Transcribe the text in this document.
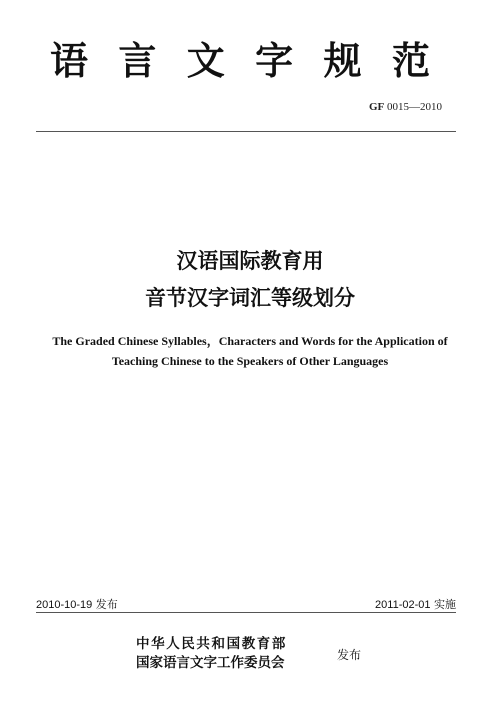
语 言 文 字 规 范
GF 0015—2010
汉语国际教育用
音节汉字词汇等级划分
The Graded Chinese Syllables，Characters and Words for the Application of
Teaching Chinese to the Speakers of Other Languages
2010-10-19 发布	2011-02-01 实施
中华人民共和国教育部
国家语言文字工作委员会	发布
